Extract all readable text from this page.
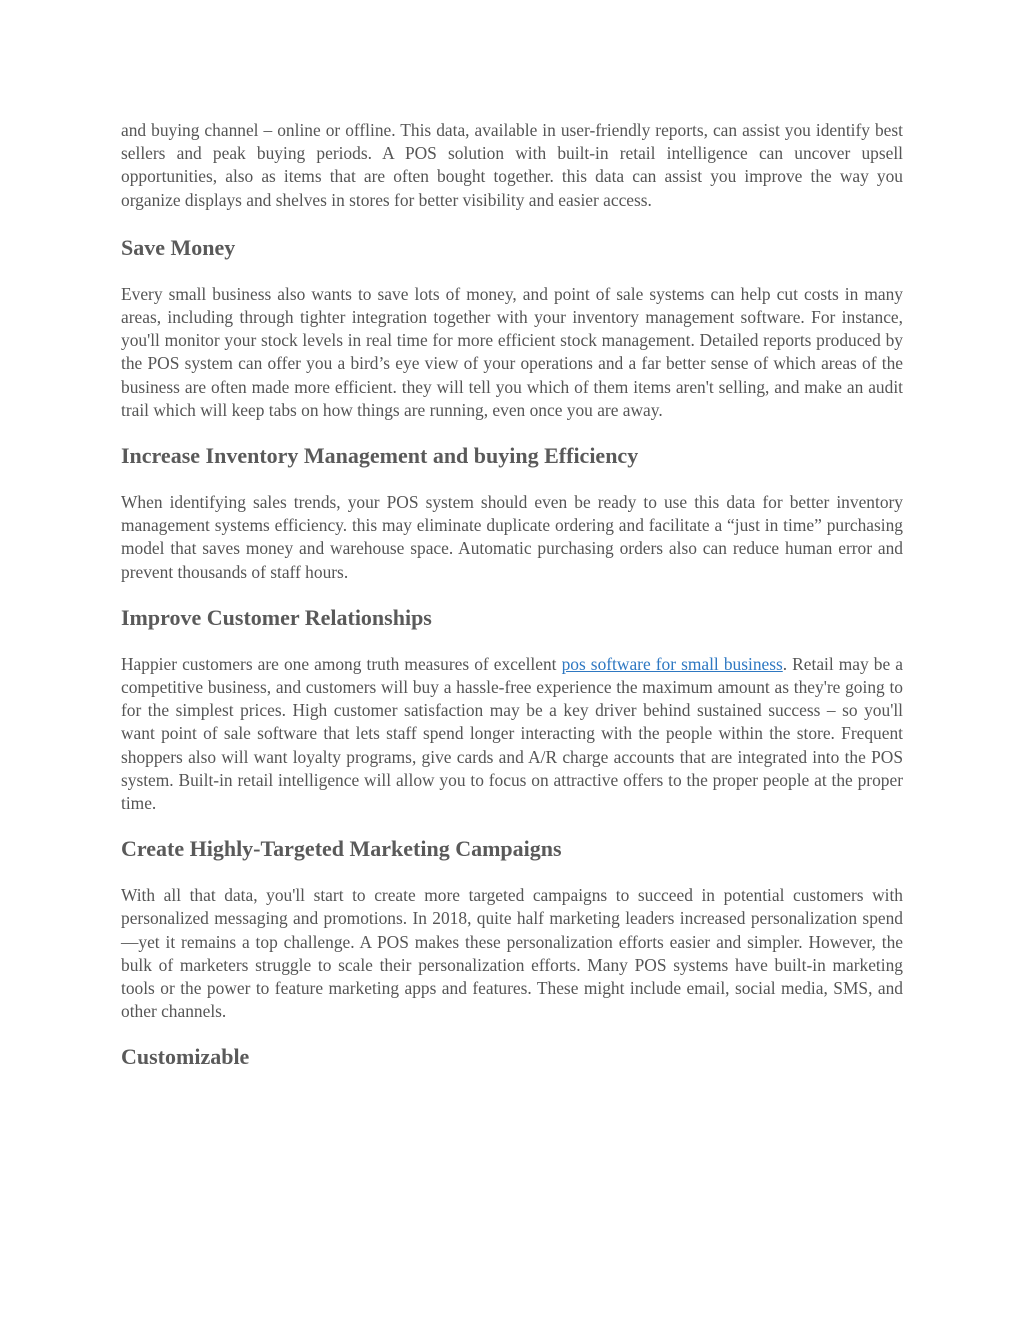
and buying channel – online or offline. This data, available in user-friendly reports, can assist you identify best sellers and peak buying periods. A POS solution with built-in retail intelligence can uncover upsell opportunities, also as items that are often bought together. this data can assist you improve the way you organize displays and shelves in stores for better visibility and easier access.

Save Money

Every small business also wants to save lots of money, and point of sale systems can help cut costs in many areas, including through tighter integration together with your inventory management software. For instance, you'll monitor your stock levels in real time for more efficient stock management. Detailed reports produced by the POS system can offer you a bird’s eye view of your operations and a far better sense of which areas of the business are often made more efficient. they will tell you which of them items aren't selling, and make an audit trail which will keep tabs on how things are running, even once you are away.

Increase Inventory Management and buying Efficiency

When identifying sales trends, your POS system should even be ready to use this data for better inventory management systems efficiency. this may eliminate duplicate ordering and facilitate a “just in time” purchasing model that saves money and warehouse space. Automatic purchasing orders also can reduce human error and prevent thousands of staff hours.

Improve Customer Relationships

Happier customers are one among truth measures of excellent pos software for small business. Retail may be a competitive business, and customers will buy a hassle-free experience the maximum amount as they're going to for the simplest prices. High customer satisfaction may be a key driver behind sustained success – so you'll want point of sale software that lets staff spend longer interacting with the people within the store. Frequent shoppers also will want loyalty programs, give cards and A/R charge accounts that are integrated into the POS system. Built-in retail intelligence will allow you to focus on attractive offers to the proper people at the proper time.

Create Highly-Targeted Marketing Campaigns

With all that data, you'll start to create more targeted campaigns to succeed in potential customers with personalized messaging and promotions. In 2018, quite half marketing leaders increased personalization spend—yet it remains a top challenge. A POS makes these personalization efforts easier and simpler. However, the bulk of marketers struggle to scale their personalization efforts. Many POS systems have built-in marketing tools or the power to feature marketing apps and features. These might include email, social media, SMS, and other channels.

Customizable
